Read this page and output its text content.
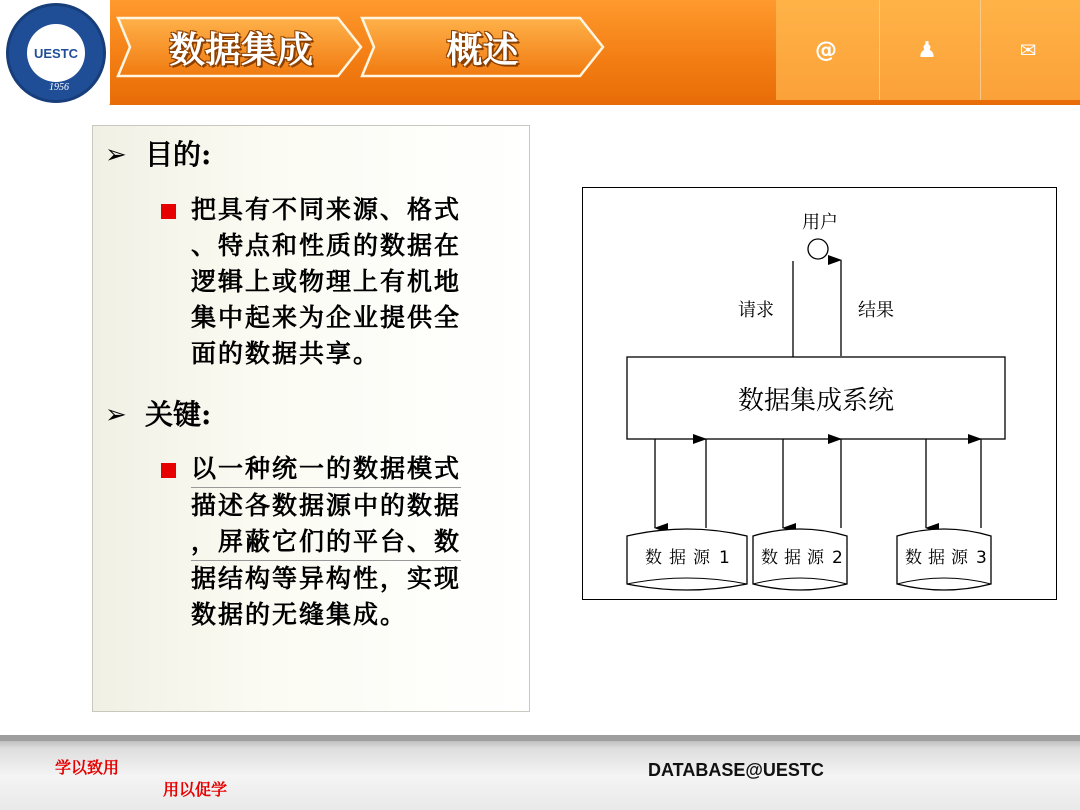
@	♟	✉
UESTC
1956
数据集成	概述
➢ 目的:
把具有不同来源、格式
、特点和性质的数据在
逻辑上或物理上有机地
集中起来为企业提供全
面的数据共享。
➢ 关键:
以一种统一的数据模式
描述各数据源中的数据
，屏蔽它们的平台、数
据结构等异构性，实现
数据的无缝集成。
用户
请求	结果
数据集成系统
数 据 源 1 数 据 源 2	数 据 源 3
学以致用
用以促学
DATABASE@UESTC
